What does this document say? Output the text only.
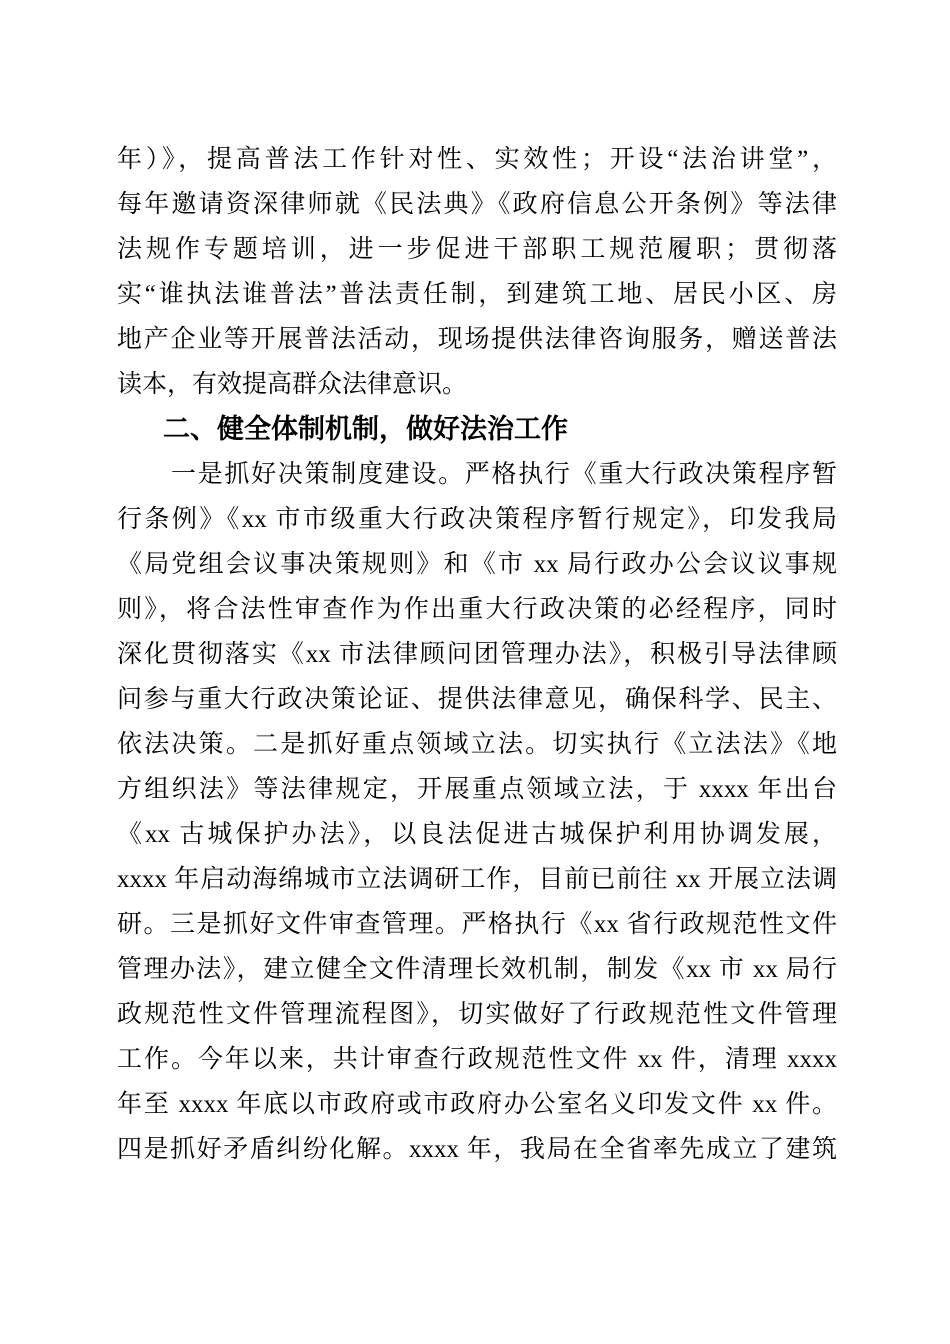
年）》，提高普法工作针对性、实效性；开设“法治讲堂”，

每年邀请资深律师就《民法典》《政府信息公开条例》等法律

法规作专题培训，进一步促进干部职工规范履职；贯彻落

实“谁执法谁普法”普法责任制，到建筑工地、居民小区、房

地产企业等开展普法活动，现场提供法律咨询服务，赠送普法

读本，有效提高群众法律意识。

二、健全体制机制，做好法治工作

一是抓好决策制度建设。严格执行《重大行政决策程序暂

行条例》《xx 市市级重大行政决策程序暂行规定》，印发我局

《局党组会议事决策规则》和《市 xx 局行政办公会议议事规

则》，将合法性审查作为作出重大行政决策的必经程序，同时

深化贯彻落实《xx 市法律顾问团管理办法》，积极引导法律顾

问参与重大行政决策论证、提供法律意见，确保科学、民主、

依法决策。二是抓好重点领域立法。切实执行《立法法》《地

方组织法》等法律规定，开展重点领域立法，于 xxxx 年出台

《xx 古城保护办法》，以良法促进古城保护利用协调发展，

xxxx 年启动海绵城市立法调研工作，目前已前往 xx 开展立法调

研。三是抓好文件审查管理。严格执行《xx 省行政规范性文件

管理办法》，建立健全文件清理长效机制，制发《xx 市 xx 局行

政规范性文件管理流程图》，切实做好了行政规范性文件管理

工作。今年以来，共计审查行政规范性文件 xx 件，清理 xxxx

年至 xxxx 年底以市政府或市政府办公室名义印发文件 xx 件。

四是抓好矛盾纠纷化解。xxxx 年，我局在全省率先成立了建筑
